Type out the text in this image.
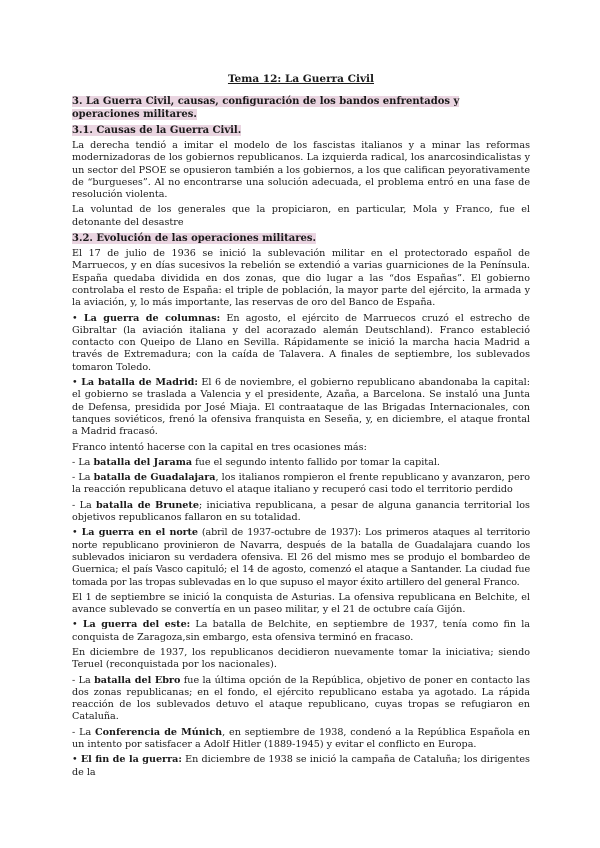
Tema 12: La Guerra Civil
3. La Guerra Civil, causas, configuración de los bandos enfrentados y operaciones militares.
3.1. Causas de la Guerra Civil.

La derecha tendió a imitar el modelo de los fascistas italianos y a minar las reformas modernizadoras de los gobiernos republicanos. La izquierda radical, los anarcosindicalistas y un sector del PSOE se opusieron también a los gobiernos, a los que califican peyorativamente de “burgueses”. Al no encontrarse una solución adecuada, el problema entró en una fase de resolución violenta.

La voluntad de los generales que la propiciaron, en particular, Mola y Franco, fue el detonante del desastre

3.2. Evolución de las operaciones militares.

El 17 de julio de 1936 se inició la sublevación militar en el protectorado español de Marruecos, y en días sucesivos la rebelión se extendió a varias guarniciones de la Península. España quedaba dividida en dos zonas, que dio lugar a las “dos Españas”. El gobierno controlaba el resto de España: el triple de población, la mayor parte del ejército, la armada y la aviación, y, lo más importante, las reservas de oro del Banco de España.

• La guerra de columnas: En agosto, el ejército de Marruecos cruzó el estrecho de Gibraltar (la aviación italiana y del acorazado alemán Deutschland). Franco estableció contacto con Queipo de Llano en Sevilla. Rápidamente se inició la marcha hacia Madrid a través de Extremadura; con la caída de Talavera. A finales de septiembre, los sublevados tomaron Toledo.

• La batalla de Madrid: El 6 de noviembre, el gobierno republicano abandonaba la capital: el gobierno se traslada a Valencia y el presidente, Azaña, a Barcelona. Se instaló una Junta de Defensa, presidida por José Miaja. El contraataque de las Brigadas Internacionales, con tanques soviéticos, frenó la ofensiva franquista en Seseña, y, en diciembre, el ataque frontal a Madrid fracasó.

Franco intentó hacerse con la capital en tres ocasiones más:

- La batalla del Jarama fue el segundo intento fallido por tomar la capital.

- La batalla de Guadalajara, los italianos rompieron el frente republicano y avanzaron, pero la reacción republicana detuvo el ataque italiano y recuperó casi todo el territorio perdido

- La batalla de Brunete; iniciativa republicana, a pesar de alguna ganancia territorial los objetivos republicanos fallaron en su totalidad.

• La guerra en el norte (abril de 1937-octubre de 1937): Los primeros ataques al territorio norte republicano provinieron de Navarra, después de la batalla de Guadalajara cuando los sublevados iniciaron su verdadera ofensiva. El 26 del mismo mes se produjo el bombardeo de Guernica; el país Vasco capituló; el 14 de agosto, comenzó el ataque a Santander. La ciudad fue tomada por las tropas sublevadas en lo que supuso el mayor éxito artillero del general Franco.

El 1 de septiembre se inició la conquista de Asturias. La ofensiva republicana en Belchite, el avance sublevado se convertía en un paseo militar, y el 21 de octubre caía Gijón.

• La guerra del este: La batalla de Belchite, en septiembre de 1937, tenía como fin la conquista de Zaragoza,sin embargo, esta ofensiva terminó en fracaso.

En diciembre de 1937, los republicanos decidieron nuevamente tomar la iniciativa; siendo Teruel (reconquistada por los nacionales).

- La batalla del Ebro fue la última opción de la República, objetivo de poner en contacto las dos zonas republicanas; en el fondo, el ejército republicano estaba ya agotado. La rápida reacción de los sublevados detuvo el ataque republicano, cuyas tropas se refugiaron en Cataluña.

- La Conferencia de Múnich, en septiembre de 1938, condenó a la República Española en un intento por satisfacer a Adolf Hitler (1889-1945) y evitar el conflicto en Europa.

• El fin de la guerra: En diciembre de 1938 se inició la campaña de Cataluña; los dirigentes de la
